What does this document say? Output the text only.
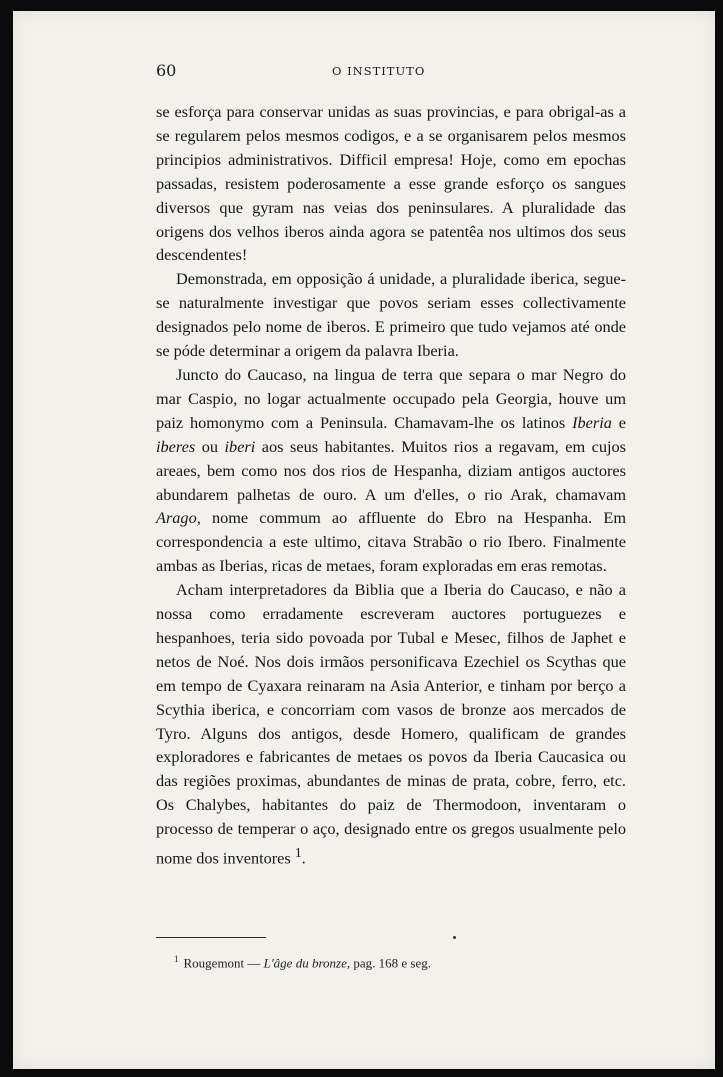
60	O INSTITUTO

se esforça para conservar unidas as suas provincias, e para obrigal-as a se regularem pelos mesmos codigos, e a se organisarem pelos mesmos principios administrativos. Difficil empresa! Hoje, como em epochas passadas, resistem poderosamente a esse grande esforço os sangues diversos que gyram nas veias dos peninsulares. A pluralidade das origens dos velhos iberos ainda agora se patentêa nos ultimos dos seus descendentes!

Demonstrada, em opposição á unidade, a pluralidade iberica, segue-se naturalmente investigar que povos seriam esses collectivamente designados pelo nome de iberos. E primeiro que tudo vejamos até onde se póde determinar a origem da palavra Iberia.

Juncto do Caucaso, na lingua de terra que separa o mar Negro do mar Caspio, no logar actualmente occupado pela Georgia, houve um paiz homonymo com a Peninsula. Chamavam-lhe os latinos Iberia e iberes ou iberi aos seus habitantes. Muitos rios a regavam, em cujos areaes, bem como nos dos rios de Hespanha, diziam antigos auctores abundarem palhetas de ouro. A um d'elles, o rio Arak, chamavam Arago, nome commum ao affluente do Ebro na Hespanha. Em correspondencia a este ultimo, citava Strabão o rio Ibero. Finalmente ambas as Iberias, ricas de metaes, foram exploradas em eras remotas.

Acham interpretadores da Biblia que a Iberia do Caucaso, e não a nossa como erradamente escreveram auctores portuguezes e hespanhoes, teria sido povoada por Tubal e Mesec, filhos de Japhet e netos de Noé. Nos dois irmãos personificava Ezechiel os Scythas que em tempo de Cyaxara reinaram na Asia Anterior, e tinham por berço a Scythia iberica, e concorriam com vasos de bronze aos mercados de Tyro. Alguns dos antigos, desde Homero, qualificam de grandes exploradores e fabricantes de metaes os povos da Iberia Caucasica ou das regiões proximas, abundantes de minas de prata, cobre, ferro, etc. Os Chalybes, habitantes do paiz de Thermodoon, inventaram o processo de temperar o aço, designado entre os gregos usualmente pelo nome dos inventores $^1$.

$^1$ Rougemont — L'âge du bronze, pag. 168 e seg.
